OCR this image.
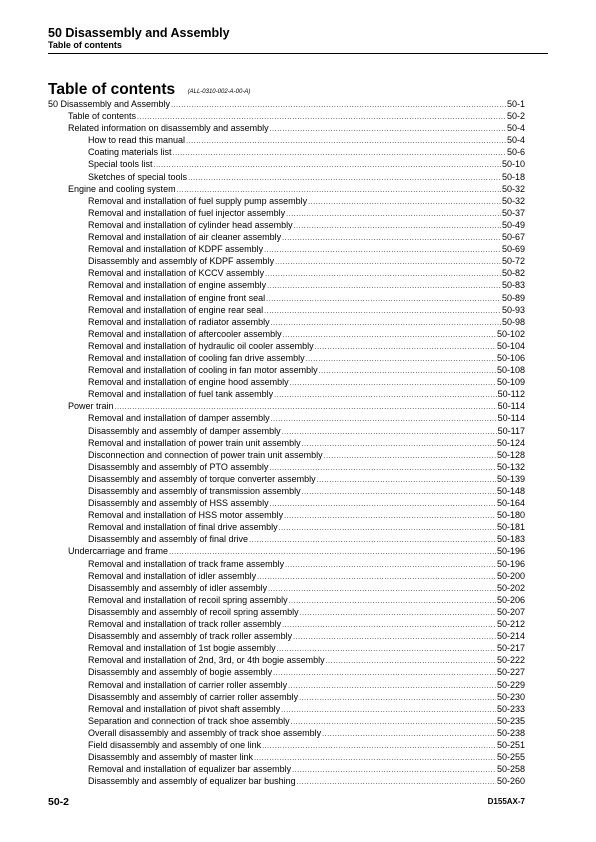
50 Disassembly and Assembly

Table of contents

Table of contents (ALL-0310-002-A-00-A)
50 Disassembly and Assembly .....	50-1
Table of contents .....	50-2
Related information on disassembly and assembly .....	50-4
How to read this manual .....	50-4
Coating materials list .....	50-6
Special tools list .....	50-10
Sketches of special tools .....	50-18
Engine and cooling system .....	50-32
Removal and installation of fuel supply pump assembly .....	50-32
Removal and installation of fuel injector assembly .....	50-37
Removal and installation of cylinder head assembly .....	50-49
Removal and installation of air cleaner assembly .....	50-67
Removal and installation of KDPF assembly .....	50-69
Disassembly and assembly of KDPF assembly .....	50-72
Removal and installation of KCCV assembly .....	50-82
Removal and installation of engine assembly .....	50-83
Removal and installation of engine front seal .....	50-89
Removal and installation of engine rear seal .....	50-93
Removal and installation of radiator assembly .....	50-98
Removal and installation of aftercooler assembly .....	50-102
Removal and installation of hydraulic oil cooler assembly .....	50-104
Removal and installation of cooling fan drive assembly .....	50-106
Removal and installation of cooling in fan motor assembly .....	50-108
Removal and installation of engine hood assembly .....	50-109
Removal and installation of fuel tank assembly .....	50-112
Power train .....	50-114
Removal and installation of damper assembly .....	50-114
Disassembly and assembly of damper assembly .....	50-117
Removal and installation of power train unit assembly .....	50-124
Disconnection and connection of power train unit assembly .....	50-128
Disassembly and assembly of PTO assembly .....	50-132
Disassembly and assembly of torque converter assembly .....	50-139
Disassembly and assembly of transmission assembly .....	50-148
Disassembly and assembly of HSS assembly .....	50-164
Removal and installation of HSS motor assembly .....	50-180
Removal and installation of final drive assembly .....	50-181
Disassembly and assembly of final drive .....	50-183
Undercarriage and frame .....	50-196
Removal and installation of track frame assembly .....	50-196
Removal and installation of idler assembly .....	50-200
Disassembly and assembly of idler assembly .....	50-202
Removal and installation of recoil spring assembly .....	50-206
Disassembly and assembly of recoil spring assembly .....	50-207
Removal and installation of track roller assembly .....	50-212
Disassembly and assembly of track roller assembly .....	50-214
Removal and installation of 1st bogie assembly .....	50-217
Removal and installation of 2nd, 3rd, or 4th bogie assembly .....	50-222
Disassembly and assembly of bogie assembly .....	50-227
Removal and installation of carrier roller assembly .....	50-229
Disassembly and assembly of carrier roller assembly .....	50-230
Removal and installation of pivot shaft assembly .....	50-233
Separation and connection of track shoe assembly .....	50-235
Overall disassembly and assembly of track shoe assembly .....	50-238
Field disassembly and assembly of one link .....	50-251
Disassembly and assembly of master link .....	50-255
Removal and installation of equalizer bar assembly .....	50-258
Disassembly and assembly of equalizer bar bushing .....	50-260
50-2	D155AX-7
